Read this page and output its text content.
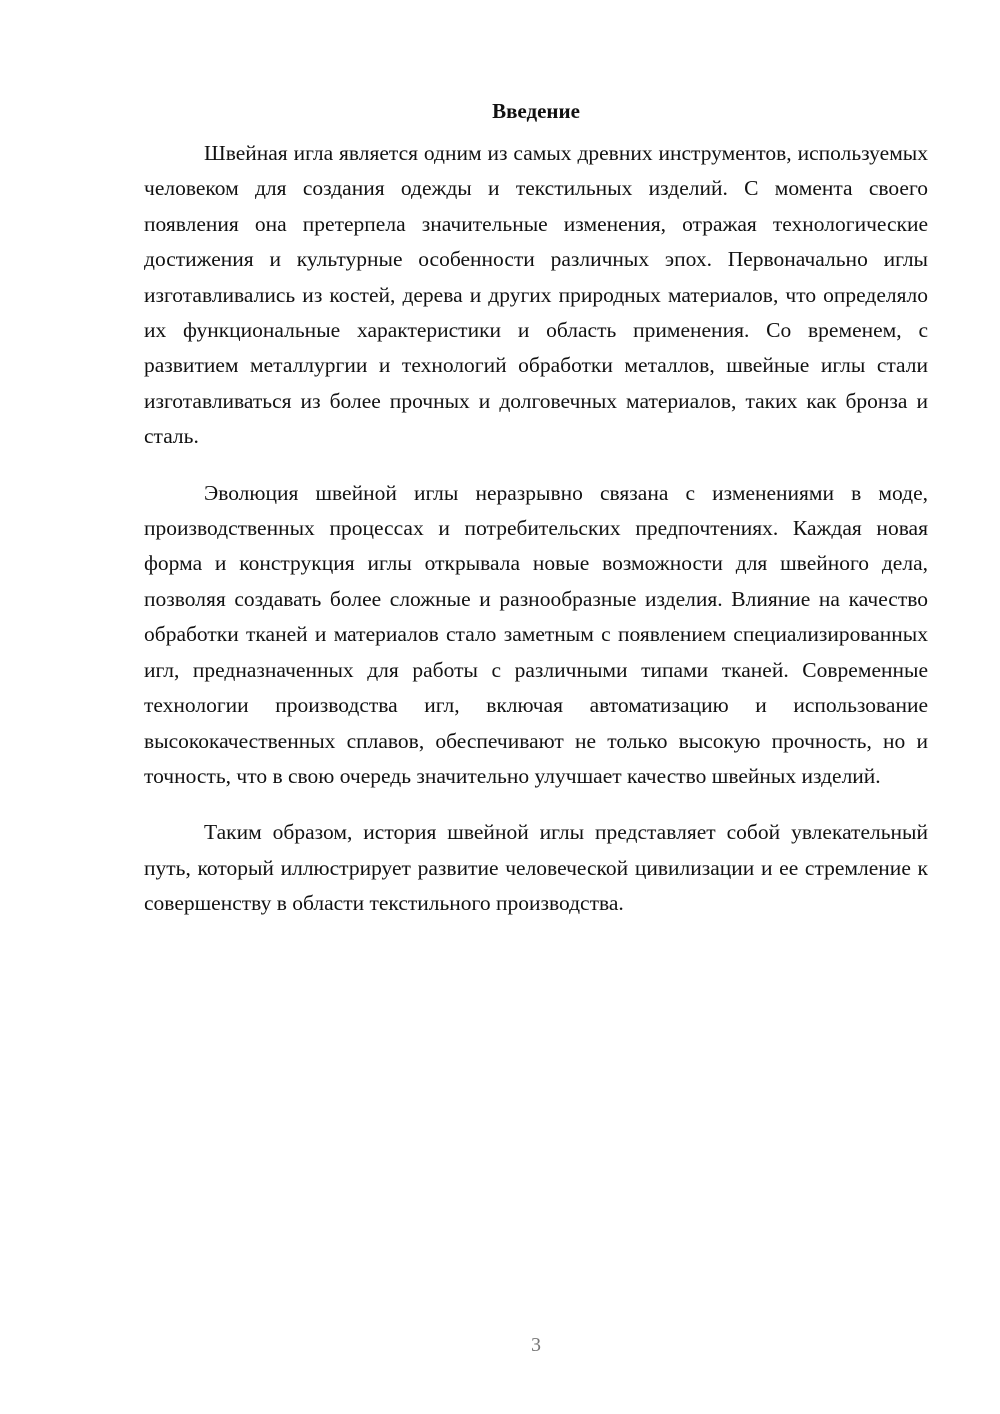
Введение

Швейная игла является одним из самых древних инструментов, используемых человеком для создания одежды и текстильных изделий. С момента своего появления она претерпела значительные изменения, отражая технологические достижения и культурные особенности различных эпох. Первоначально иглы изготавливались из костей, дерева и других природных материалов, что определяло их функциональные характеристики и область применения. Со временем, с развитием металлургии и технологий обработки металлов, швейные иглы стали изготавливаться из более прочных и долговечных материалов, таких как бронза и сталь.

Эволюция швейной иглы неразрывно связана с изменениями в моде, производственных процессах и потребительских предпочтениях. Каждая новая форма и конструкция иглы открывала новые возможности для швейного дела, позволяя создавать более сложные и разнообразные изделия. Влияние на качество обработки тканей и материалов стало заметным с появлением специализированных игл, предназначенных для работы с различными типами тканей. Современные технологии производства игл, включая автоматизацию и использование высококачественных сплавов, обеспечивают не только высокую прочность, но и точность, что в свою очередь значительно улучшает качество швейных изделий.

Таким образом, история швейной иглы представляет собой увлекательный путь, который иллюстрирует развитие человеческой цивилизации и ее стремление к совершенству в области текстильного производства.

3
